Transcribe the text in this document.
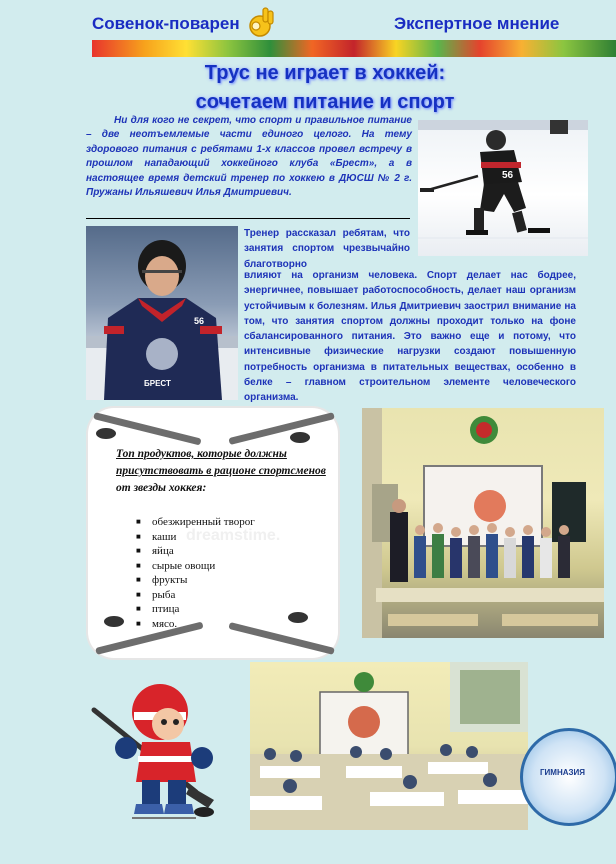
Совенок-поварен	Экспертное мнение
Трус не играет в хоккей:
сочетаем питание и спорт
Ни для кого не секрет, что спорт и правильное питание – две неотъемлемые части единого целого. На тему здорового питания с ребятами 1-х классов провел встречу в прошлом нападающий хоккейного клуба «Брест», а в настоящее время детский тренер по хоккею в ДЮСШ № 2 г. Пружаны Ильяшевич Илья Дмитриевич.
56
БРЕСТ
56
Тренер рассказал ребятам, что занятия спортом чрезвычайно благотворно
влияют на организм человека. Спорт делает нас бодрее, энергичнее, повышает работоспособность, делает наш организм устойчивым к болезням. Илья Дмитриевич заострил внимание на том, что занятия спортом должны проходит только на фоне сбалансированного питания. Это важно еще и потому, что интенсивные физические нагрузки создают повышенную потребность организма в питательных веществах, особенно в белке – главном строительном элементе человеческого организма.
dreamstime.
Топ продуктов, которые должны присутствовать в рационе спортсменов
от звезды хоккея:
■ обезжиренный творог
■ каши
■ яйца
■ сырые овощи
■ фрукты
■ рыба
■ птица
■ мясо.
ГИМНАЗИЯ
